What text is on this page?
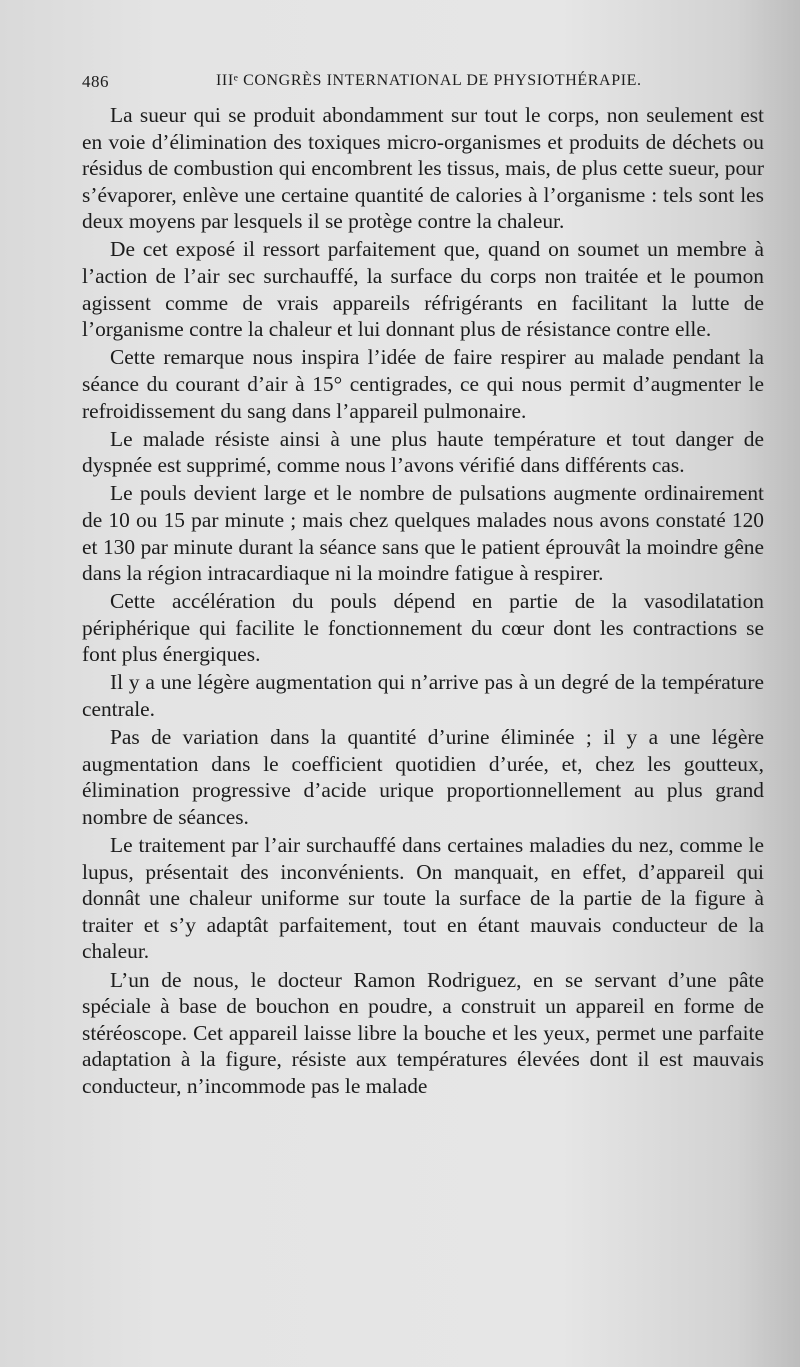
486	IIIᵉ CONGRÈS INTERNATIONAL DE PHYSIOTHÉRAPIE.

La sueur qui se produit abondamment sur tout le corps, non seulement est en voie d’élimination des toxiques micro-organismes et produits de déchets ou résidus de combustion qui encombrent les tissus, mais, de plus cette sueur, pour s’évaporer, enlève une certaine quantité de calories à l’organisme : tels sont les deux moyens par lesquels il se protège contre la chaleur.

De cet exposé il ressort parfaitement que, quand on soumet un membre à l’action de l’air sec surchauffé, la surface du corps non traitée et le poumon agissent comme de vrais appareils réfrigérants en facilitant la lutte de l’organisme contre la chaleur et lui donnant plus de résistance contre elle.

Cette remarque nous inspira l’idée de faire respirer au malade pendant la séance du courant d’air à 15° centigrades, ce qui nous permit d’augmenter le refroidissement du sang dans l’appareil pulmonaire.

Le malade résiste ainsi à une plus haute température et tout danger de dyspnée est supprimé, comme nous l’avons vérifié dans différents cas.

Le pouls devient large et le nombre de pulsations augmente ordinairement de 10 ou 15 par minute ; mais chez quelques malades nous avons constaté 120 et 130 par minute durant la séance sans que le patient éprouvât la moindre gêne dans la région intracardiaque ni la moindre fatigue à respirer.

Cette accélération du pouls dépend en partie de la vasodilatation périphérique qui facilite le fonctionnement du cœur dont les contractions se font plus énergiques.

Il y a une légère augmentation qui n’arrive pas à un degré de la température centrale.

Pas de variation dans la quantité d’urine éliminée ; il y a une légère augmentation dans le coefficient quotidien d’urée, et, chez les goutteux, élimination progressive d’acide urique proportionnellement au plus grand nombre de séances.

Le traitement par l’air surchauffé dans certaines maladies du nez, comme le lupus, présentait des inconvénients. On manquait, en effet, d’appareil qui donnât une chaleur uniforme sur toute la surface de la partie de la figure à traiter et s’y adaptât parfaitement, tout en étant mauvais conducteur de la chaleur.

L’un de nous, le docteur Ramon Rodriguez, en se servant d’une pâte spéciale à base de bouchon en poudre, a construit un appareil en forme de stéréoscope. Cet appareil laisse libre la bouche et les yeux, permet une parfaite adaptation à la figure, résiste aux températures élevées dont il est mauvais conducteur, n’incommode pas le malade
